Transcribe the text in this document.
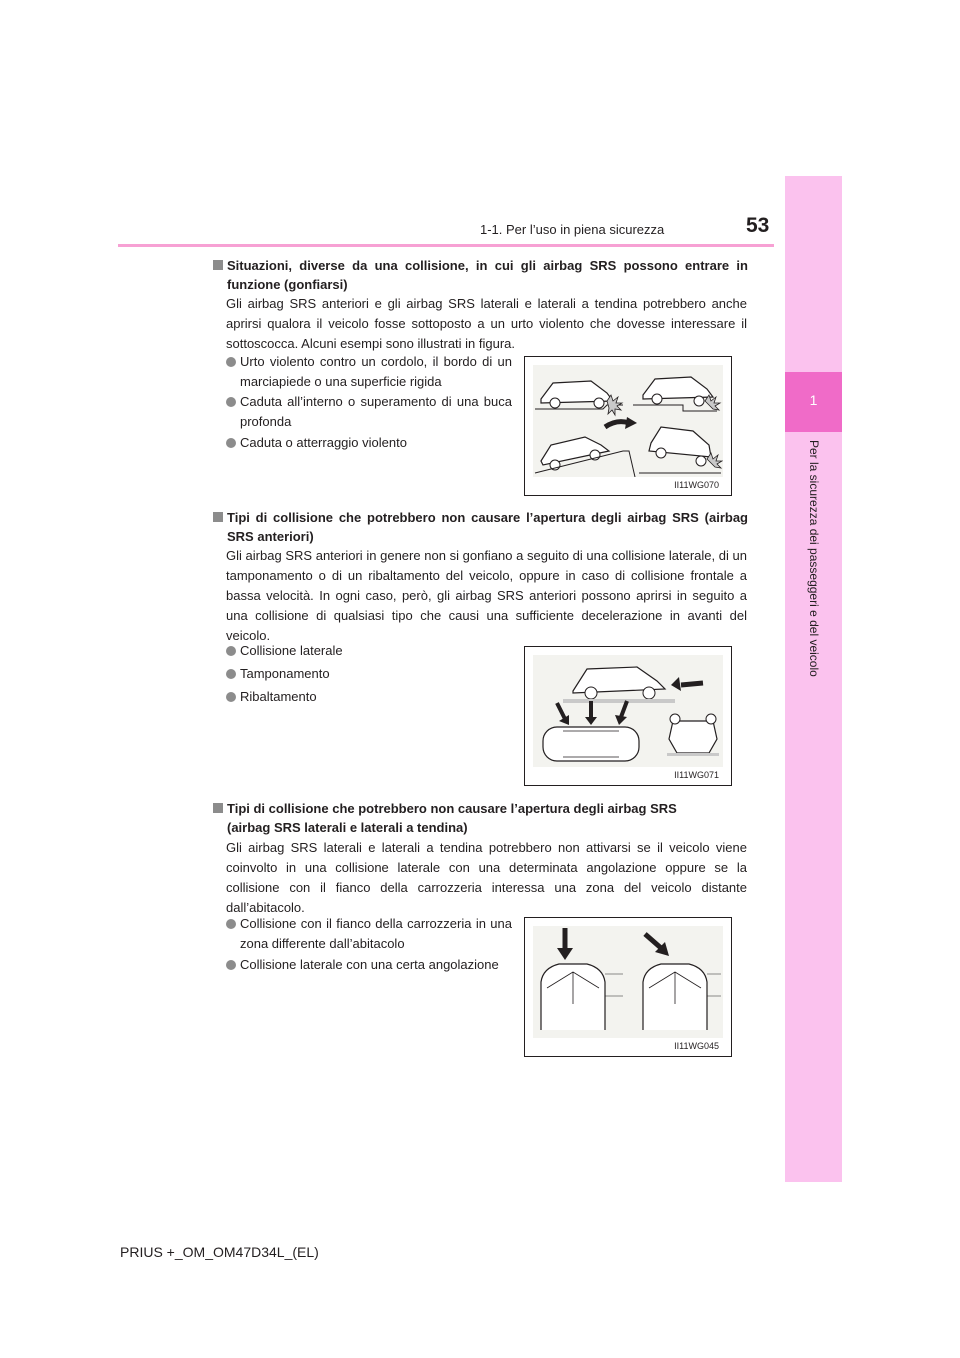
1-1. Per l’uso in piena sicurezza	53
1
Per la sicurezza dei passeggeri e del veicolo
Situazioni, diverse da una collisione, in cui gli airbag SRS possono entrare in funzione (gonfiarsi)
Gli airbag SRS anteriori e gli airbag SRS laterali e laterali a tendina potrebbero anche aprirsi qualora il veicolo fosse sottoposto a un urto violento che dovesse interessare il sottoscocca. Alcuni esempi sono illustrati in figura.
Urto violento contro un cordolo, il bordo di un marciapiede o una superficie rigida
Caduta all’interno o superamento di una buca profonda
Caduta o atterraggio violento
II11WG070
Tipi di collisione che potrebbero non causare l’apertura degli airbag SRS (airbag SRS anteriori)
Gli airbag SRS anteriori in genere non si gonfiano a seguito di una collisione laterale, di un tamponamento o di un ribaltamento del veicolo, oppure in caso di collisione frontale a bassa velocità. In ogni caso, però, gli airbag SRS anteriori possono aprirsi in seguito a una collisione di qualsiasi tipo che causi una sufficiente decelerazione in avanti del veicolo.
Collisione laterale
Tamponamento
Ribaltamento
II11WG071
Tipi di collisione che potrebbero non causare l’apertura degli airbag SRS
(airbag SRS laterali e laterali a tendina)
Gli airbag SRS laterali e laterali a tendina potrebbero non attivarsi se il veicolo viene coinvolto in una collisione laterale con una determinata angolazione oppure se la collisione con il fianco della carrozzeria interessa una zona del veicolo distante dall’abitacolo.
Collisione con il fianco della carrozzeria in una zona differente dall’abitacolo
Collisione laterale con una certa angolazione
II11WG045
PRIUS +_OM_OM47D34L_(EL)
